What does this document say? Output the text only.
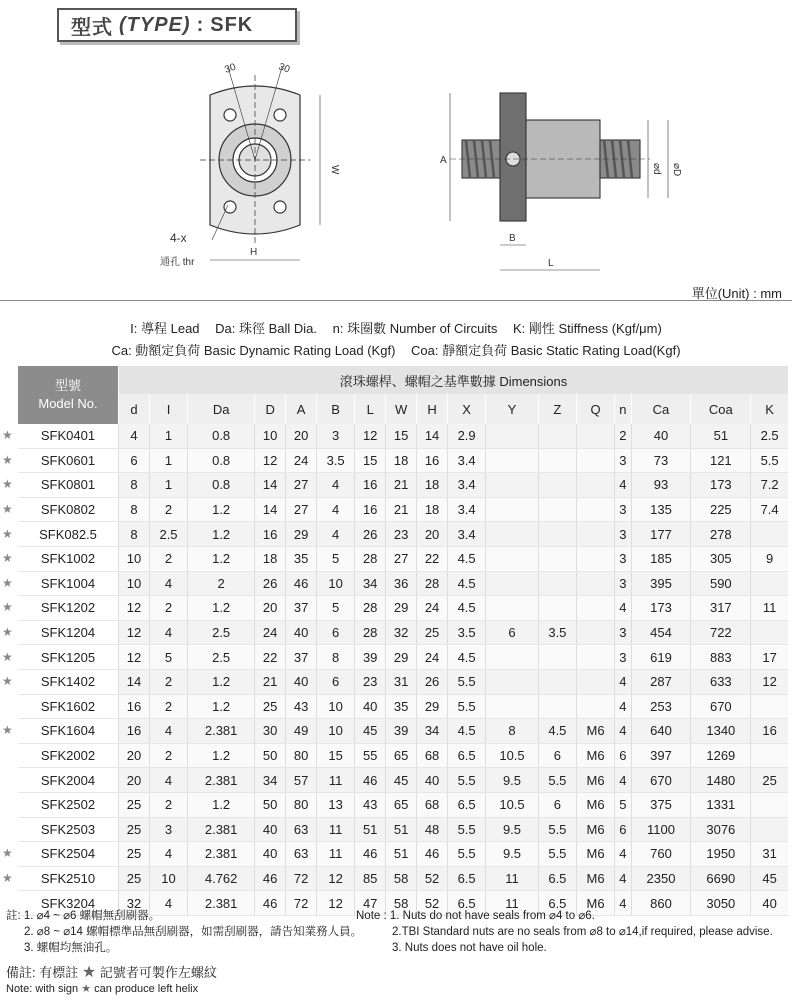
型式 (TYPE) : SFK
30	30
W
H
4-x
通孔 thr
A
B
L
⌀d ⌀D
單位(Unit) : mm
I: 導程 Lead Da: 珠徑 Ball Dia. n: 珠圈數 Number of Circuits K: 剛性 Stiffness (Kgf/μm)
Ca: 動額定負荷 Basic Dynamic Rating Load (Kgf) Coa: 靜額定負荷 Basic Static Rating Load(Kgf)
型號
Model No.	滾珠螺桿、螺帽之基準數據 Dimensions																
	d	I	Da	D	A	B	L	W	H	X	Y	Z	Q	n	Ca	Coa	K

★ SFK0401	4	1	0.8	10	20	3	12	15	14	2.9				2	40	51	2.5

★ SFK0601	6	1	0.8	12	24	3.5	15	18	16	3.4				3	73	121	5.5

★ SFK0801	8	1	0.8	14	27	4	16	21	18	3.4				4	93	173	7.2

★ SFK0802	8	2	1.2	14	27	4	16	21	18	3.4				3	135	225	7.4

★ SFK082.5	8	2.5	1.2	16	29	4	26	23	20	3.4				3	177	278	

★ SFK1002	10	2	1.2	18	35	5	28	27	22	4.5				3	185	305	9

★ SFK1004	10	4	2	26	46	10	34	36	28	4.5				3	395	590	

★ SFK1202	12	2	1.2	20	37	5	28	29	24	4.5				4	173	317	11

★ SFK1204	12	4	2.5	24	40	6	28	32	25	3.5	6	3.5		3	454	722	

★ SFK1205	12	5	2.5	22	37	8	39	29	24	4.5				3	619	883	17

★ SFK1402	14	2	1.2	21	40	6	23	31	26	5.5				4	287	633	12
SFK1602	16	2	1.2	25	43	10	40	35	29	5.5				4	253	670	

★ SFK1604	16	4	2.381	30	49	10	45	39	34	4.5	8	4.5	M6	4	640	1340	16
SFK2002	20	2	1.2	50	80	15	55	65	68	6.5	10.5	6	M6	6	397	1269	
SFK2004	20	4	2.381	34	57	11	46	45	40	5.5	9.5	5.5	M6	4	670	1480	25
SFK2502	25	2	1.2	50	80	13	43	65	68	6.5	10.5	6	M6	5	375	1331	
SFK2503	25	3	2.381	40	63	11	51	51	48	5.5	9.5	5.5	M6	6	1100	3076	

★ SFK2504	25	4	2.381	40	63	11	46	51	46	5.5	9.5	5.5	M6	4	760	1950	31

★ SFK2510	25	10	4.762	46	72	12	85	58	52	6.5	11	6.5	M6	4	2350	6690	45
SFK3204	32	4	2.381	46	72	12	47	58	52	6.5	11	6.5	M6	4	860	3050	40
註: 1. ⌀4 ~ ⌀6 螺帽無刮刷器。
2. ⌀8 ~ ⌀14 螺帽標準品無刮刷器，如需刮刷器，請告知業務人員。
3. 螺帽均無油孔。
Note : 1. Nuts do not have seals from ⌀4 to ⌀6.
2.TBI Standard nuts are no seals from ⌀8 to ⌀14,if required, please advise.
3. Nuts does not have oil hole.
備註: 有標註 ★ 記號者可製作左螺紋
Note: with sign ★ can produce left helix
